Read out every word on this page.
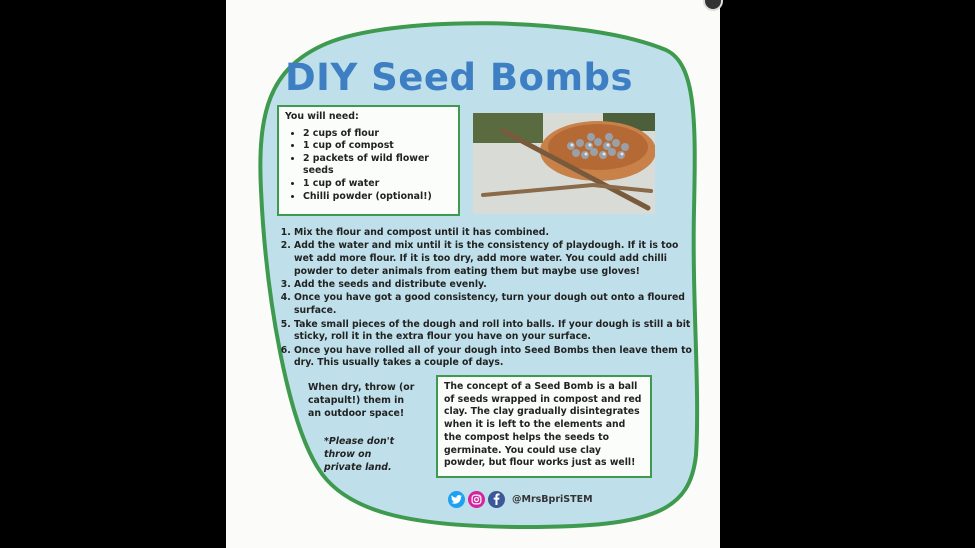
DIY Seed Bombs
You will need:
• 2 cups of flour
• 1 cup of compost
• 2 packets of wild flower seeds
• 1 cup of water
• Chilli powder (optional!)
1. Mix the flour and compost until it has combined.
2. Add the water and mix until it is the consistency of playdough. If it is too wet add more flour. If it is too dry, add more water. You could add chilli powder to deter animals from eating them but maybe use gloves!
3. Add the seeds and distribute evenly.
4. Once you have got a good consistency, turn your dough out onto a floured surface.
5. Take small pieces of the dough and roll into balls. If your dough is still a bit sticky, roll it in the extra flour you have on your surface.
6. Once you have rolled all of your dough into Seed Bombs then leave them to dry. This usually takes a couple of days.
When dry, throw (or catapult!) them in an outdoor space!
*Please don't throw on private land.
The concept of a Seed Bomb is a ball of seeds wrapped in compost and red clay. The clay gradually disintegrates when it is left to the elements and the compost helps the seeds to germinate. You could use clay powder, but flour works just as well!
@MrsBpriSTEM
